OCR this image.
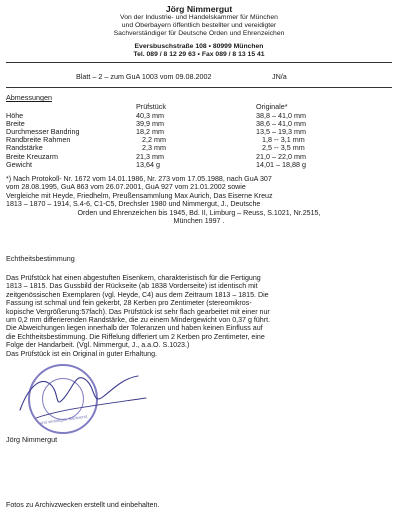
Jörg Nimmergut
Von der Industrie- und Handelskammer für München
und Oberbayern öffentlich bestellter und vereidigter
Sachverständiger für Deutsche Orden und Ehrenzeichen
Eversbuschstraße 108 • 80999 München
Tel. 089 / 8 12 29 63 • Fax 089 / 8 13 15 41
Blatt – 2 – zum GuA 1003 vom 09.08.2002	JN/a
Abmessungen
	Prüfstück	Originale*
Höhe	40,3 mm	38,8 – 41,0 mm
Breite	39,9 mm	38,6 – 41,0 mm
Durchmesser Bandring	18,2 mm	13,5 – 19,3 mm
Randbreite Rahmen	2,2 mm	1,8 -- 3,1 mm
Randstärke	2,3 mm	2,5 -- 3,5 mm
Breite Kreuzarm	21,3 mm	21,0 – 22,0 mm
Gewicht	13,64 g	14,01 – 18,88 g
*) Nach Protokoll- Nr. 1672 vom 14.01.1986, Nr. 273 vom 17.05.1988, nach GuA 307
vom 28.08.1995, GuA 863 vom 26.07.2001, GuA 927 vom 21.01.2002 sowie
Vergleiche mit Heyde, Friedhelm, Preußensammlung Max Aurich, Das Eiserne Kreuz
1813 – 1870 – 1914, S.4-6, C1-C5, Drechsler 1980 und Nimmergut, J., Deutsche
Orden und Ehrenzeichen bis 1945, Bd. II, Limburg – Reuss, S.1021, Nr.2515,
München 1997 .
Echtheitsbestimmung
Das Prüfstück hat einen abgestuften Eisenkern, charakteristisch für die Fertigung
1813 – 1815. Das Gussbild der Rückseite (ab 1838 Vorderseite) ist identisch mit
zeitgenössischen Exemplaren (vgl. Heyde, C4) aus dem Zeitraum 1813 – 1815. Die
Fassung ist schmal und fein gekerbt, 28 Kerben pro Zentimeter (stereomikros-
kopische Vergrößerung:57fach). Das Prüfstück ist sehr flach gearbeitet mit einer nur
um 0,2 mm differierenden Randstärke, die zu einem Mindergewicht von 0,37 g führt.
Die Abweichungen liegen innerhalb der Toleranzen und haben keinen Einfluss auf
die Echtheitsbestimmung. Die Riffelung differiert um 2 Kerben pro Zentimeter, eine
Folge der Handarbeit. (Vgl. Nimmergut, J., a.a.O. S.1023.)
Das Prüfstück ist ein Original in guter Erhaltung.
und vereidigter Sachverst.
Jörg Nimmergut
Fotos zu Archivzwecken erstellt und einbehalten.
